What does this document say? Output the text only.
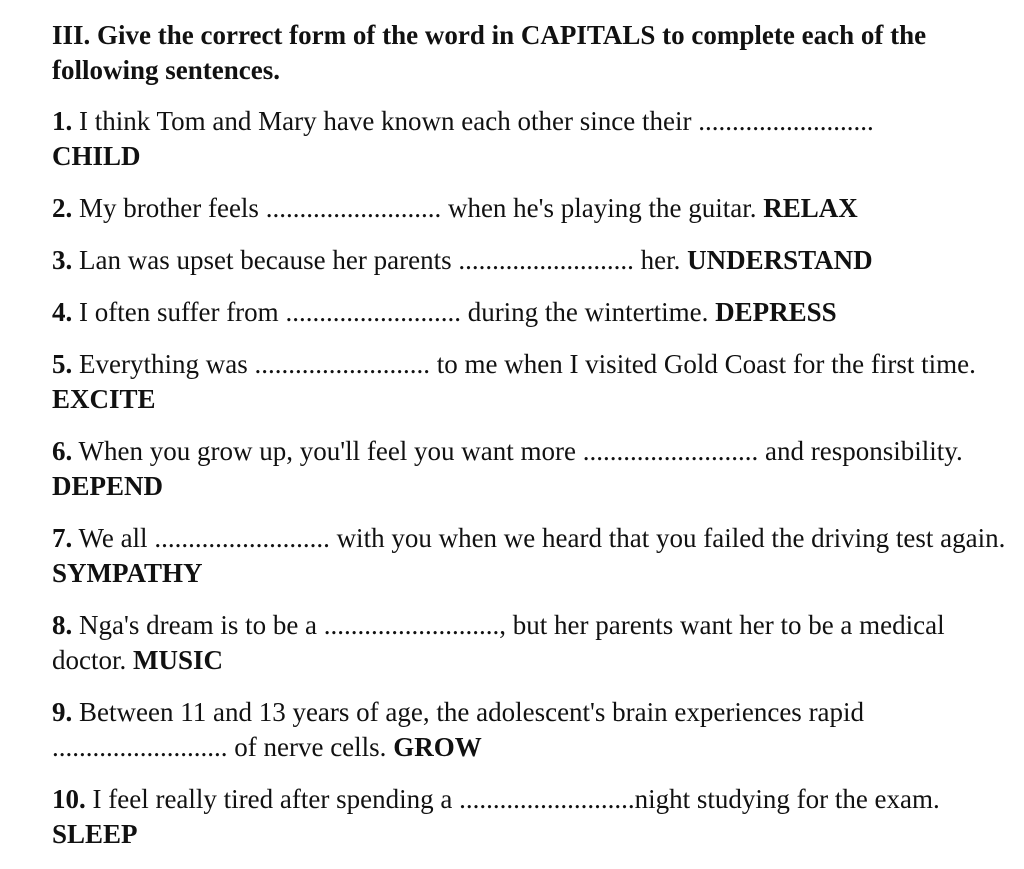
III. Give the correct form of the word in CAPITALS to complete each of the following sentences.
1. I think Tom and Mary have known each other since their ..........................
CHILD
2. My brother feels .......................... when he's playing the guitar. RELAX
3. Lan was upset because her parents .......................... her. UNDERSTAND
4. I often suffer from .......................... during the wintertime. DEPRESS
5. Everything was .......................... to me when I visited Gold Coast for the first time. EXCITE
6. When you grow up, you'll feel you want more .......................... and responsibility. DEPEND
7. We all .......................... with you when we heard that you failed the driving test again. SYMPATHY
8. Nga's dream is to be a .........................., but her parents want her to be a medical doctor. MUSIC
9. Between 11 and 13 years of age, the adolescent's brain experiences rapid .......................... of nerve cells. GROW
10. I feel really tired after spending a ..........................night studying for the exam. SLEEP
